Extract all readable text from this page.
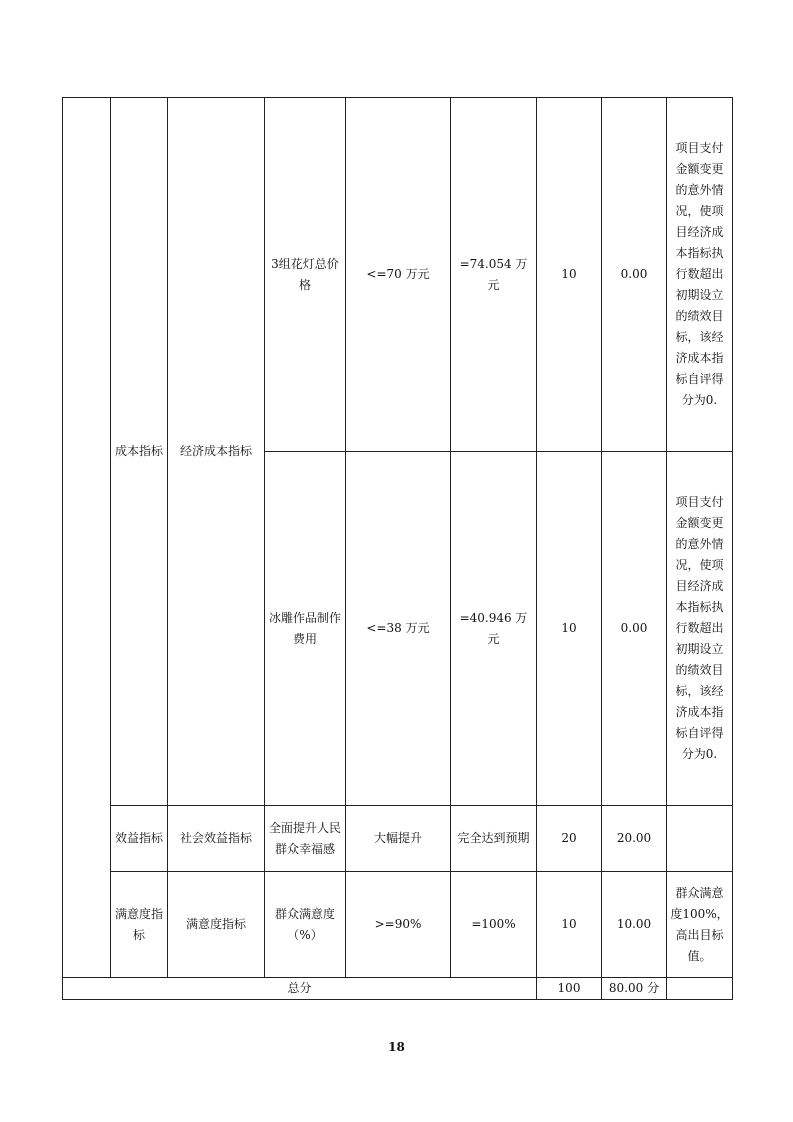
	成本指标	经济成本指标	3组花灯总价格	<=70 万元	=74.054 万元	10	0.00	项目支付金额变更的意外情况，使项目经济成本指标执行数超出初期设立的绩效目标，该经济成本指标自评得分为0.
			冰雕作品制作费用	<=38 万元	=40.946 万元	10	0.00	项目支付金额变更的意外情况，使项目经济成本指标执行数超出初期设立的绩效目标，该经济成本指标自评得分为0.
	效益指标	社会效益指标	全面提升人民群众幸福感	大幅提升	完全达到预期	20	20.00	
	满意度指标	满意度指标	群众满意度（%）	>=90%	=100%	10	10.00	群众满意度100%，高出目标值。
总分						100	80.00 分	
18
